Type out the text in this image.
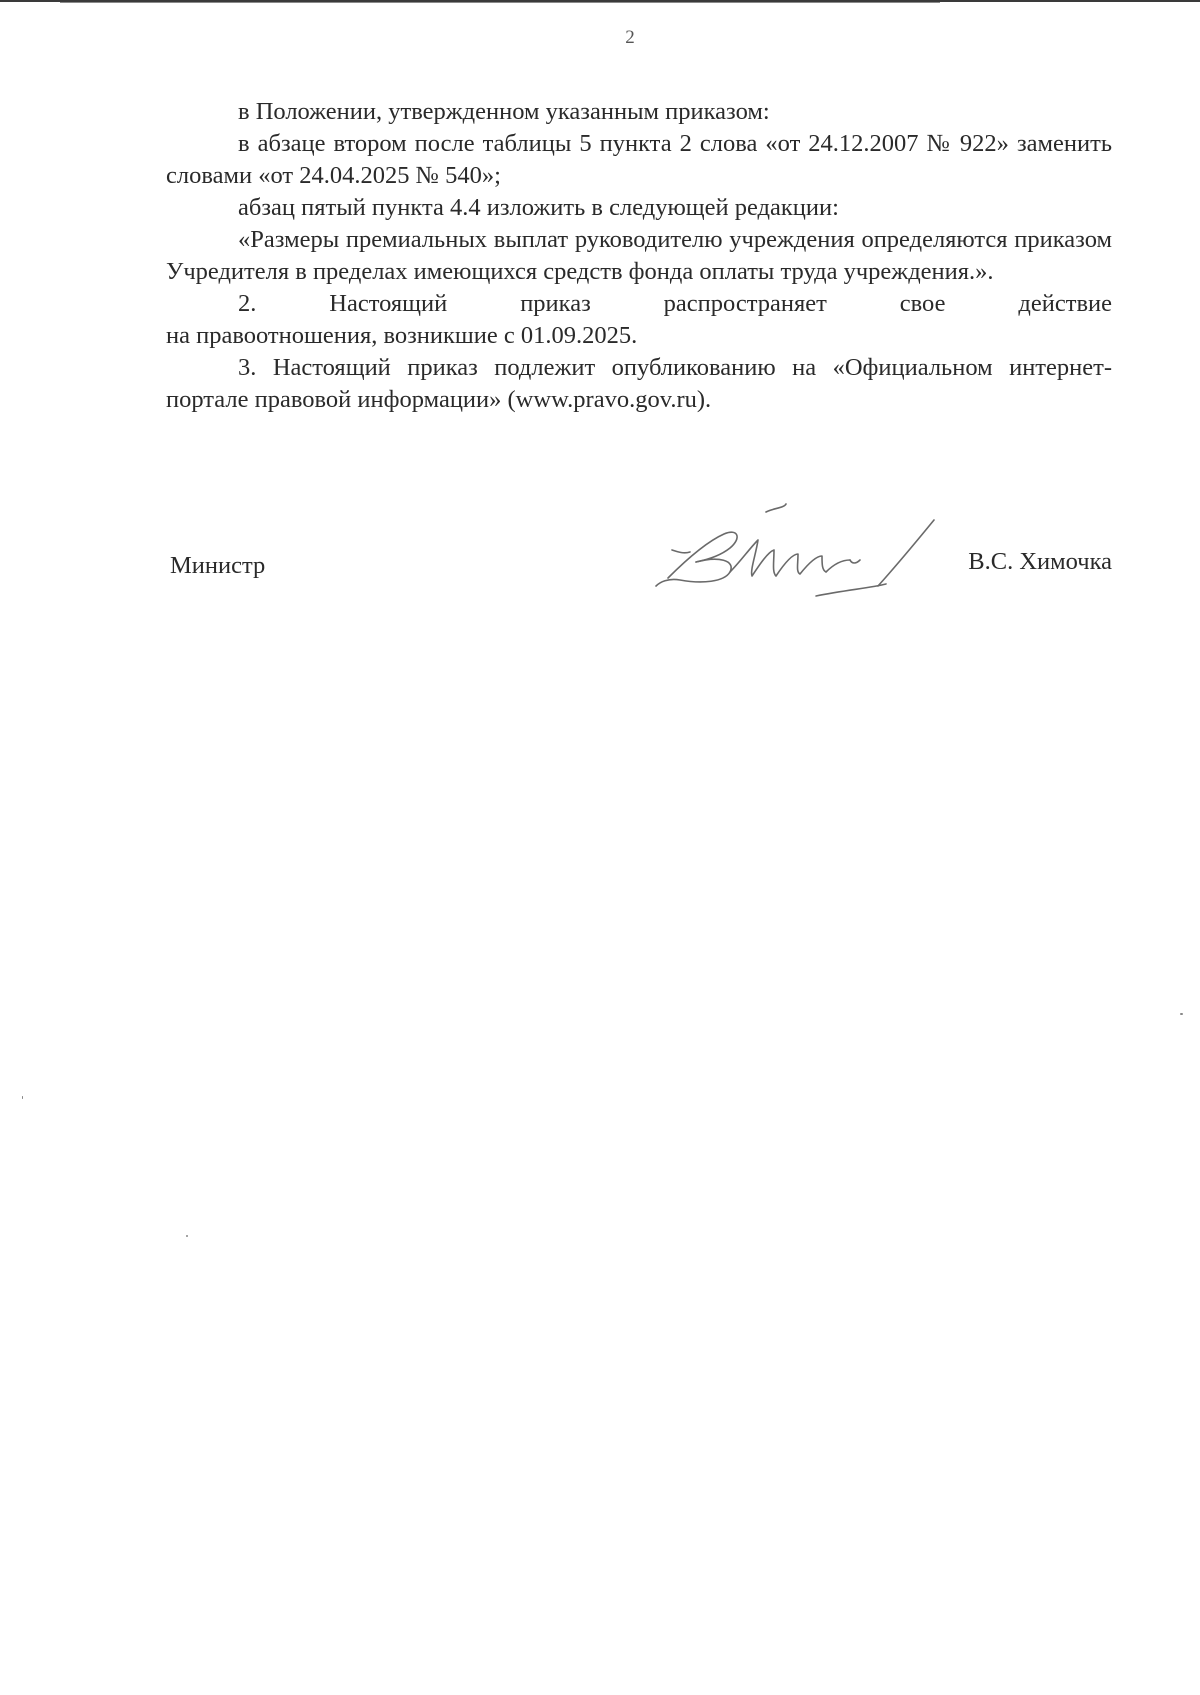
2

в Положении, утвержденном указанным приказом:

в абзаце втором после таблицы 5 пункта 2 слова «от 24.12.2007 № 922» заменить словами «от 24.04.2025 № 540»;

абзац пятый пункта 4.4 изложить в следующей редакции:

«Размеры премиальных выплат руководителю учреждения определяются приказом Учредителя в пределах имеющихся средств фонда оплаты труда учреждения.».

2. Настоящий приказ распространяет свое действие

на правоотношения, возникшие с 01.09.2025.

3. Настоящий приказ подлежит опубликованию на «Официальном интернет-портале правовой информации» (www.pravo.gov.ru).

Министр	В.С. Химочка
